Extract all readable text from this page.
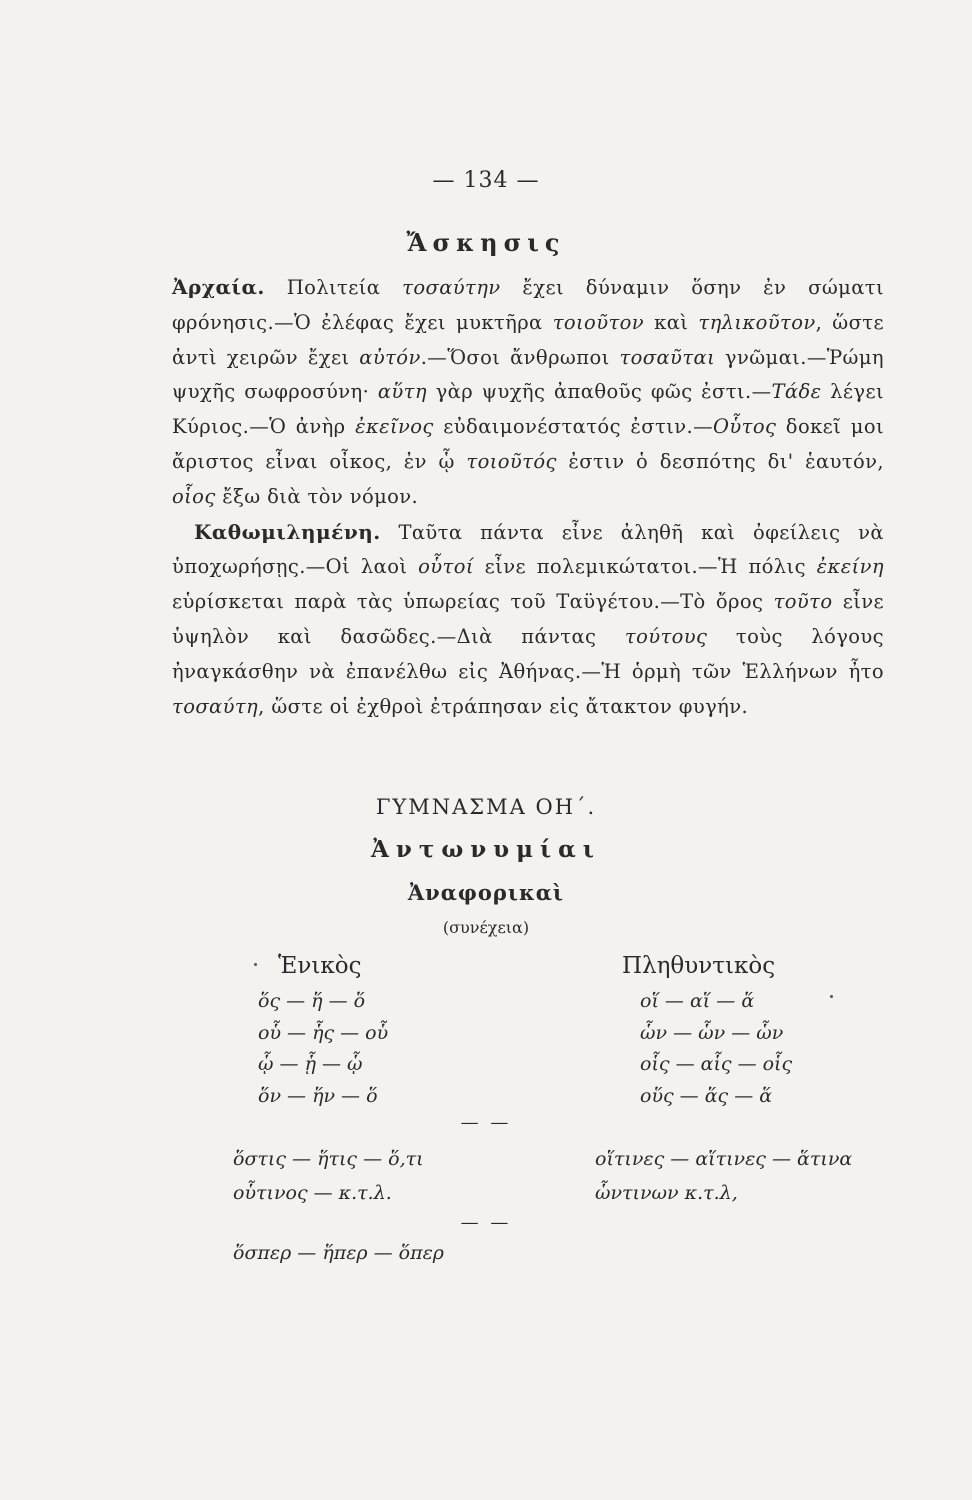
— 134 —
Ἄσκησις

Ἀρχαία. Πολιτεία τοσαύτην ἔχει δύναμιν ὅσην ἐν σώματι φρόνησις.—Ὁ ἐλέφας ἔχει μυκτῆρα τοιοῦτον καὶ τηλικοῦτον, ὥστε ἀντὶ χειρῶν ἔχει αὐτόν.—Ὅσοι ἄνθρωποι τοσαῦται γνῶμαι.—Ῥώμη ψυχῆς σωφροσύνη· αὕτη γὰρ ψυχῆς ἀπαθοῦς φῶς ἐστι.—Τάδε λέγει Κύριος.—Ὁ ἀνὴρ ἐκεῖνος εὐδαιμονέστατός ἐστιν.—Οὗτος δοκεῖ μοι ἄριστος εἶναι οἶκος, ἐν ᾧ τοιοῦτός ἐστιν ὁ δεσπότης δι' ἑαυτόν, οἷος ἔξω διὰ τὸν νόμον.

Καθωμιλημένη. Ταῦτα πάντα εἶνε ἀληθῆ καὶ ὀφείλεις νὰ ὑποχωρήσῃς.—Οἱ λαοὶ οὗτοί εἶνε πολεμικώτατοι.—Ἡ πόλις ἐκείνη εὑρίσκεται παρὰ τὰς ὑπωρείας τοῦ Ταϋγέτου.—Τὸ ὄρος τοῦτο εἶνε ὑψηλὸν καὶ δασῶδες.—Διὰ πάντας τούτους τοὺς λόγους ἠναγκάσθην νὰ ἐπανέλθω εἰς Ἀθήνας.—Ἡ ὁρμὴ τῶν Ἑλλήνων ἦτο τοσαύτη, ὥστε οἱ ἐχθροὶ ἐτράπησαν εἰς ἄτακτον φυγήν.

ΓΥΜΝΑΣΜΑ ΟΗ΄.
Ἀντωνυμίαι
Ἀναφορικαὶ
(συνέχεια)
Ἑνικὸς	Πληθυντικὸς
ὅς — ἥ — ὅ
οὗ — ἧς — οὗ
ᾧ — ᾗ — ᾧ
ὅν — ἥν — ὅ
οἵ — αἵ — ἅ
ὧν — ὧν — ὧν
οἷς — αἷς — οἷς
οὕς — ἅς — ἅ
— —
ὅστις — ἥτις — ὅ,τι
οὗτινος — κ.τ.λ.
οἵτινες — αἵτινες — ἅτινα
ὧντινων κ.τ.λ,
— —
ὅσπερ — ἥπερ — ὅπερ
